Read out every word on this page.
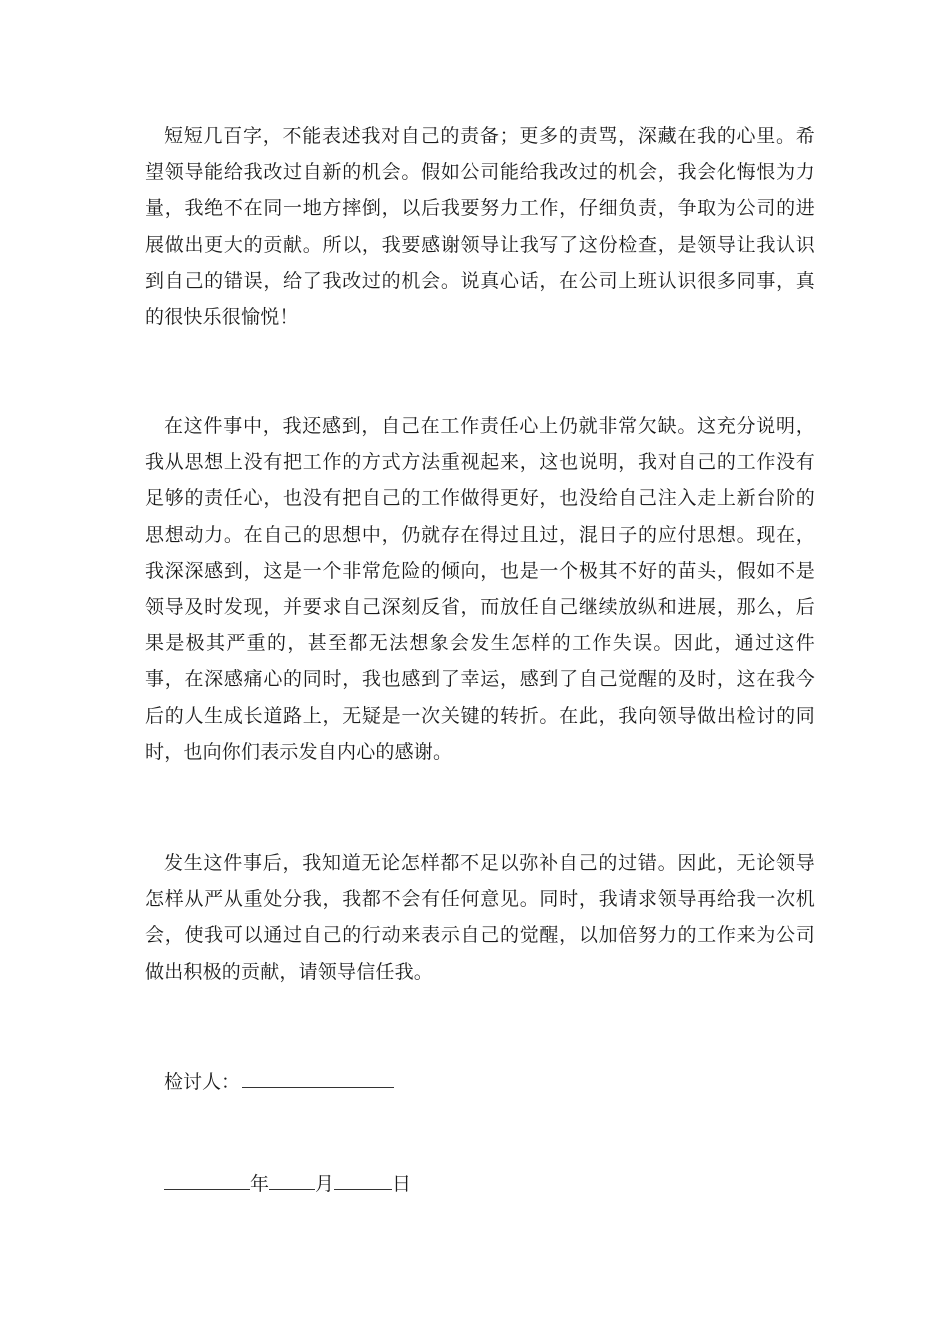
短短几百字，不能表述我对自己的责备；更多的责骂，深藏在我的心里。希望领导能给我改过自新的机会。假如公司能给我改过的机会，我会化悔恨为力量，我绝不在同一地方摔倒，以后我要努力工作，仔细负责，争取为公司的进展做出更大的贡献。所以，我要感谢领导让我写了这份检查，是领导让我认识到自己的错误，给了我改过的机会。说真心话，在公司上班认识很多同事，真的很快乐很愉悦！

在这件事中，我还感到，自己在工作责任心上仍就非常欠缺。这充分说明，我从思想上没有把工作的方式方法重视起来，这也说明，我对自己的工作没有足够的责任心，也没有把自己的工作做得更好，也没给自己注入走上新台阶的思想动力。在自己的思想中，仍就存在得过且过，混日子的应付思想。现在，我深深感到，这是一个非常危险的倾向，也是一个极其不好的苗头，假如不是领导及时发现，并要求自己深刻反省，而放任自己继续放纵和进展，那么，后果是极其严重的，甚至都无法想象会发生怎样的工作失误。因此，通过这件事，在深感痛心的同时，我也感到了幸运，感到了自己觉醒的及时，这在我今后的人生成长道路上，无疑是一次关键的转折。在此，我向领导做出检讨的同时，也向你们表示发自内心的感谢。

发生这件事后，我知道无论怎样都不足以弥补自己的过错。因此，无论领导怎样从严从重处分我，我都不会有任何意见。同时，我请求领导再给我一次机会，使我可以通过自己的行动来表示自己的觉醒，以加倍努力的工作来为公司做出积极的贡献，请领导信任我。

检讨人：
年 月	日
